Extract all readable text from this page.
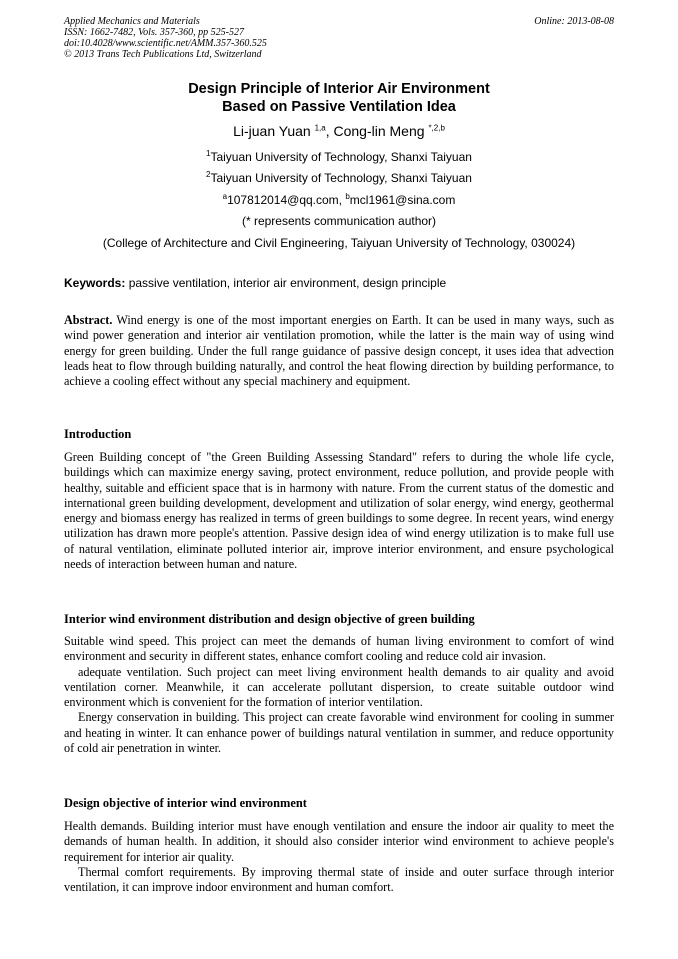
Applied Mechanics and Materials
ISSN: 1662-7482, Vols. 357-360, pp 525-527
doi:10.4028/www.scientific.net/AMM.357-360.525
© 2013 Trans Tech Publications Ltd, Switzerland
Online: 2013-08-08
Design Principle of Interior Air Environment
Based on Passive Ventilation Idea
Li-juan Yuan $^{1,a}$, Cong-lin Meng $^{*,2,b}$
$^1$Taiyuan University of Technology, Shanxi Taiyuan
$^2$Taiyuan University of Technology, Shanxi Taiyuan
$^a$107812014@qq.com, $^b$mcl1961@sina.com
(* represents communication author)
(College of Architecture and Civil Engineering, Taiyuan University of Technology, 030024)
Keywords: passive ventilation, interior air environment, design principle

Abstract. Wind energy is one of the most important energies on Earth. It can be used in many ways, such as wind power generation and interior air ventilation promotion, while the latter is the main way of using wind energy for green building. Under the full range guidance of passive design concept, it uses idea that advection leads heat to flow through building naturally, and control the heat flowing direction by building performance, to achieve a cooling effect without any special machinery and equipment.

Introduction

Green Building concept of "the Green Building Assessing Standard" refers to during the whole life cycle, buildings which can maximize energy saving, protect environment, reduce pollution, and provide people with healthy, suitable and efficient space that is in harmony with nature. From the current status of the domestic and international green building development, development and utilization of solar energy, wind energy, geothermal energy and biomass energy has realized in terms of green buildings to some degree. In recent years, wind energy utilization has drawn more people's attention. Passive design idea of wind energy utilization is to make full use of natural ventilation, eliminate polluted interior air, improve interior environment, and ensure psychological needs of interaction between human and nature.

Interior wind environment distribution and design objective of green building

Suitable wind speed. This project can meet the demands of human living environment to comfort of wind environment and security in different states, enhance comfort cooling and reduce cold air invasion.

adequate ventilation. Such project can meet living environment health demands to air quality and avoid ventilation corner. Meanwhile, it can accelerate pollutant dispersion, to create suitable outdoor wind environment which is convenient for the formation of interior ventilation.

Energy conservation in building. This project can create favorable wind environment for cooling in summer and heating in winter. It can enhance power of buildings natural ventilation in summer, and reduce opportunity of cold air penetration in winter.

Design objective of interior wind environment

Health demands. Building interior must have enough ventilation and ensure the indoor air quality to meet the demands of human health. In addition, it should also consider interior wind environment to achieve people's requirement for interior air quality.

Thermal comfort requirements. By improving thermal state of inside and outer surface through interior ventilation, it can improve indoor environment and human comfort.
